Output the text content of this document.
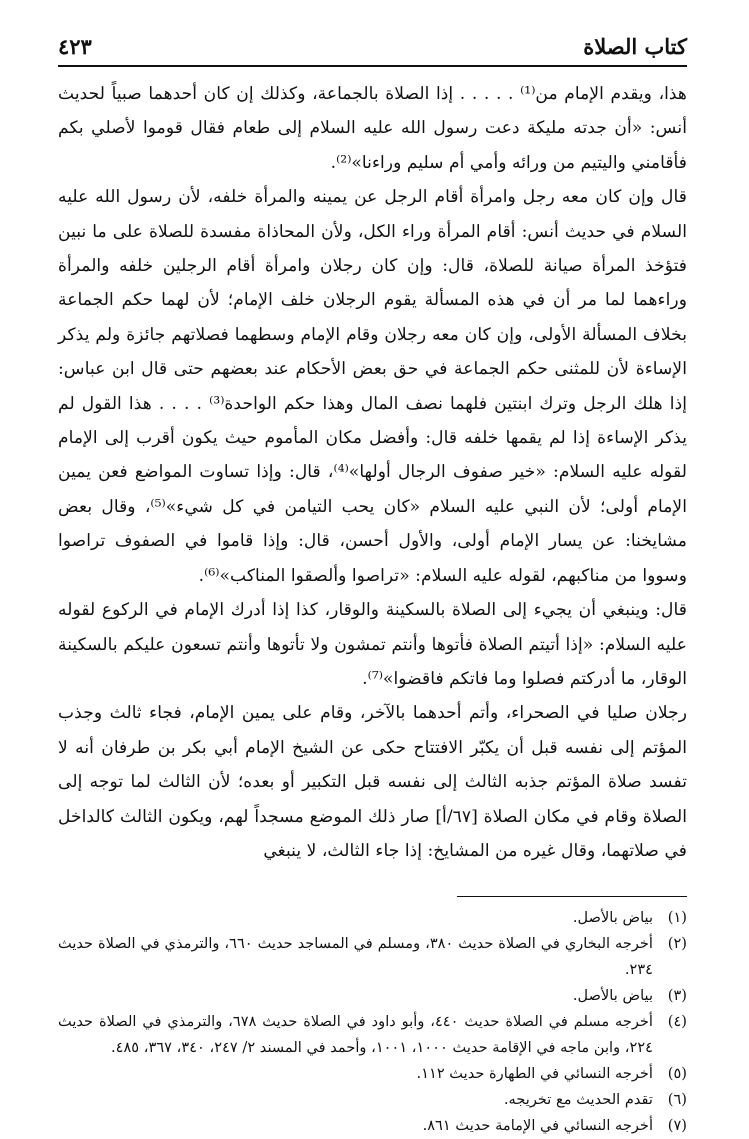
كتاب الصلاة
٤٢٣

هذا، ويقدم الإمام من⁽¹⁾ . . . . . إذا الصلاة بالجماعة، وكذلك إن كان أحدهما صبياً لحديث أنس: «أن جدته مليكة دعت رسول الله عليه السلام إلى طعام فقال قوموا لأصلي بكم فأقامني واليتيم من ورائه وأمي أم سليم وراءنا»⁽²⁾.

قال وإن كان معه رجل وامرأة أقام الرجل عن يمينه والمرأة خلفه، لأن رسول الله عليه السلام في حديث أنس: أقام المرأة وراء الكل، ولأن المحاذاة مفسدة للصلاة على ما نبين فتؤخذ المرأة صيانة للصلاة، قال: وإن كان رجلان وامرأة أقام الرجلين خلفه والمرأة وراءهما لما مر أن في هذه المسألة يقوم الرجلان خلف الإمام؛ لأن لهما حكم الجماعة بخلاف المسألة الأولى، وإن كان معه رجلان وقام الإمام وسطهما فصلاتهم جائزة ولم يذكر الإساءة لأن للمثنى حكم الجماعة في حق بعض الأحكام عند بعضهم حتى قال ابن عباس: إذا هلك الرجل وترك ابنتين فلهما نصف المال وهذا حكم الواحدة⁽³⁾ . . . . هذا القول لم يذكر الإساءة إذا لم يقمها خلفه قال: وأفضل مكان المأموم حيث يكون أقرب إلى الإمام لقوله عليه السلام: «خير صفوف الرجال أولها»⁽⁴⁾، قال: وإذا تساوت المواضع فعن يمين الإمام أولى؛ لأن النبي عليه السلام «كان يحب التيامن في كل شيء»⁽⁵⁾، وقال بعض مشايخنا: عن يسار الإمام أولى، والأول أحسن، قال: وإذا قاموا في الصفوف تراصوا وسووا من مناكبهم، لقوله عليه السلام: «تراصوا وألصقوا المناكب»⁽⁶⁾.

قال: وينبغي أن يجيء إلى الصلاة بالسكينة والوقار، كذا إذا أدرك الإمام في الركوع لقوله عليه السلام: «إذا أتيتم الصلاة فأتوها وأنتم تمشون ولا تأتوها وأنتم تسعون عليكم بالسكينة الوقار، ما أدركتم فصلوا وما فاتكم فاقضوا»⁽⁷⁾.

رجلان صليا في الصحراء، وأتم أحدهما بالآخر، وقام على يمين الإمام، فجاء ثالث وجذب المؤتم إلى نفسه قبل أن يكبّر الافتتاح حكى عن الشيخ الإمام أبي بكر بن طرفان أنه لا تفسد صلاة المؤتم جذبه الثالث إلى نفسه قبل التكبير أو بعده؛ لأن الثالث لما توجه إلى الصلاة وقام في مكان الصلاة [٦٧/أ] صار ذلك الموضع مسجداً لهم، ويكون الثالث كالداخل في صلاتهما، وقال غيره من المشايخ: إذا جاء الثالث، لا ينبغي

(١)
بياض بالأصل.
(٢)
أخرجه البخاري في الصلاة حديث ٣٨٠، ومسلم في المساجد حديث ٦٦٠، والترمذي في الصلاة حديث ٢٣٤.
(٣)
بياض بالأصل.
(٤)
أخرجه مسلم في الصلاة حديث ٤٤٠، وأبو داود في الصلاة حديث ٦٧٨، والترمذي في الصلاة حديث ٢٢٤، وابن ماجه في الإقامة حديث ١٠٠٠، ١٠٠١، وأحمد في المسند ٢/ ٢٤٧، ٣٤٠، ٣٦٧، ٤٨٥.
(٥)
أخرجه النسائي في الطهارة حديث ١١٢.
(٦)
تقدم الحديث مع تخريجه.
(٧)
أخرجه النسائي في الإمامة حديث ٨٦١.
